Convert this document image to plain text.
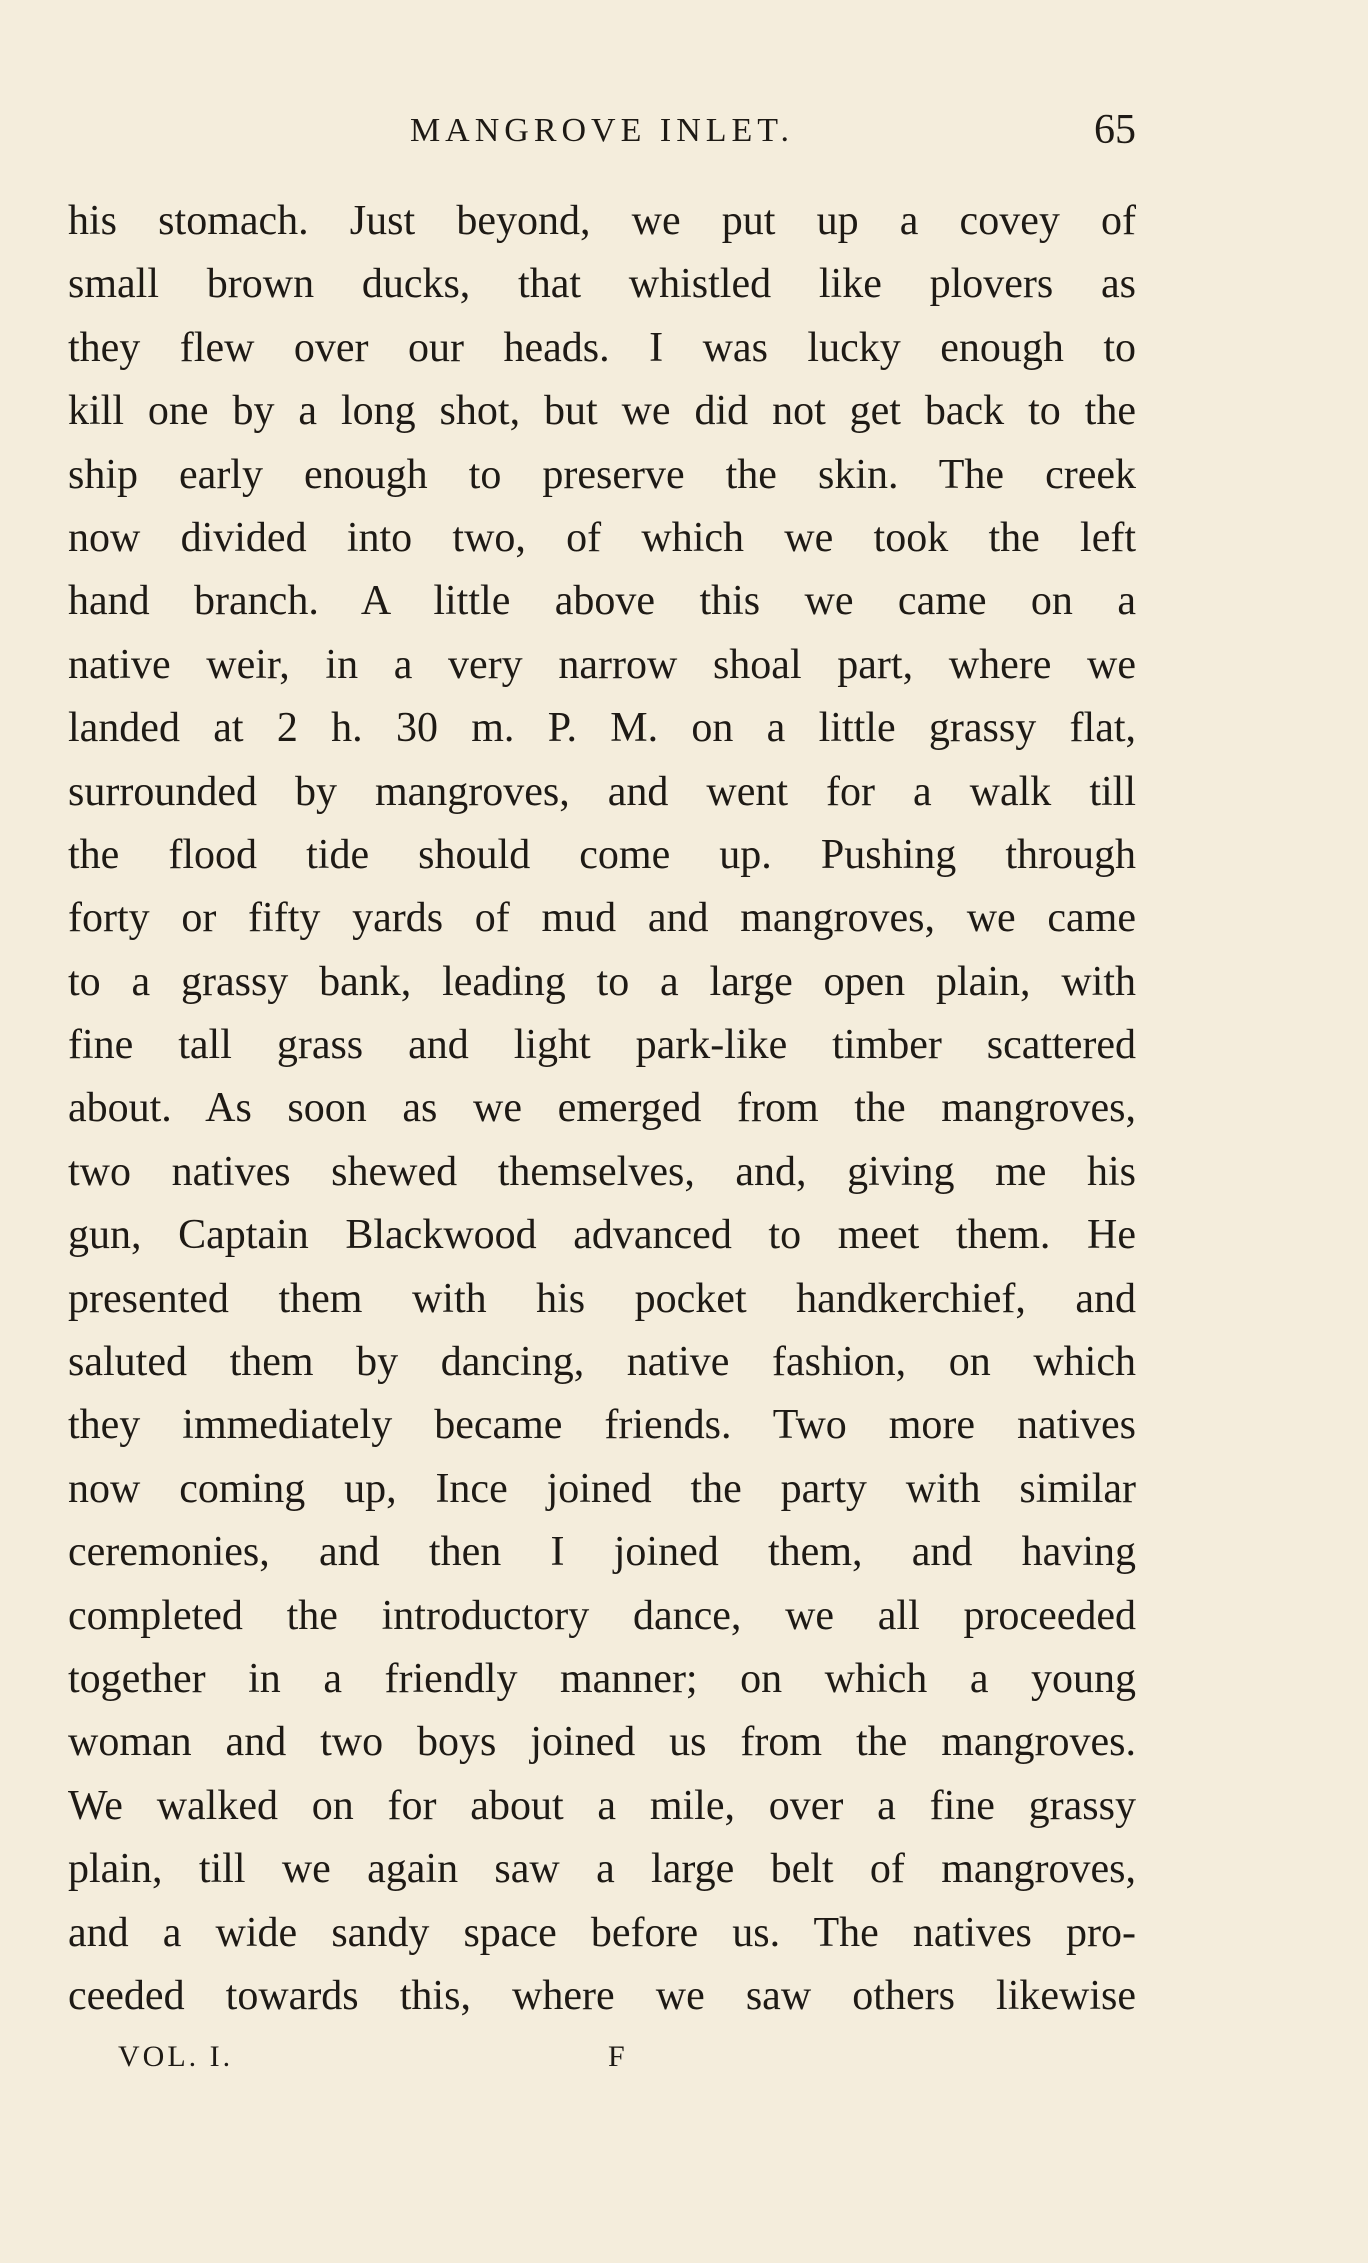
MANGROVE INLET.	65
his stomach. Just beyond, we put up a covey of
small brown ducks, that whistled like plovers as
they flew over our heads. I was lucky enough to
kill one by a long shot, but we did not get back to the
ship early enough to preserve the skin. The creek
now divided into two, of which we took the left
hand branch. A little above this we came on a
native weir, in a very narrow shoal part, where we
landed at 2 h. 30 m. P. M. on a little grassy flat,
surrounded by mangroves, and went for a walk till
the flood tide should come up. Pushing through
forty or fifty yards of mud and mangroves, we came
to a grassy bank, leading to a large open plain, with
fine tall grass and light park-like timber scattered
about. As soon as we emerged from the mangroves,
two natives shewed themselves, and, giving me his
gun, Captain Blackwood advanced to meet them. He
presented them with his pocket handkerchief, and
saluted them by dancing, native fashion, on which
they immediately became friends. Two more natives
now coming up, Ince joined the party with similar
ceremonies, and then I joined them, and having
completed the introductory dance, we all proceeded
together in a friendly manner; on which a young
woman and two boys joined us from the mangroves.
We walked on for about a mile, over a fine grassy
plain, till we again saw a large belt of mangroves,
and a wide sandy space before us. The natives pro-
ceeded towards this, where we saw others likewise
VOL. I.	F
